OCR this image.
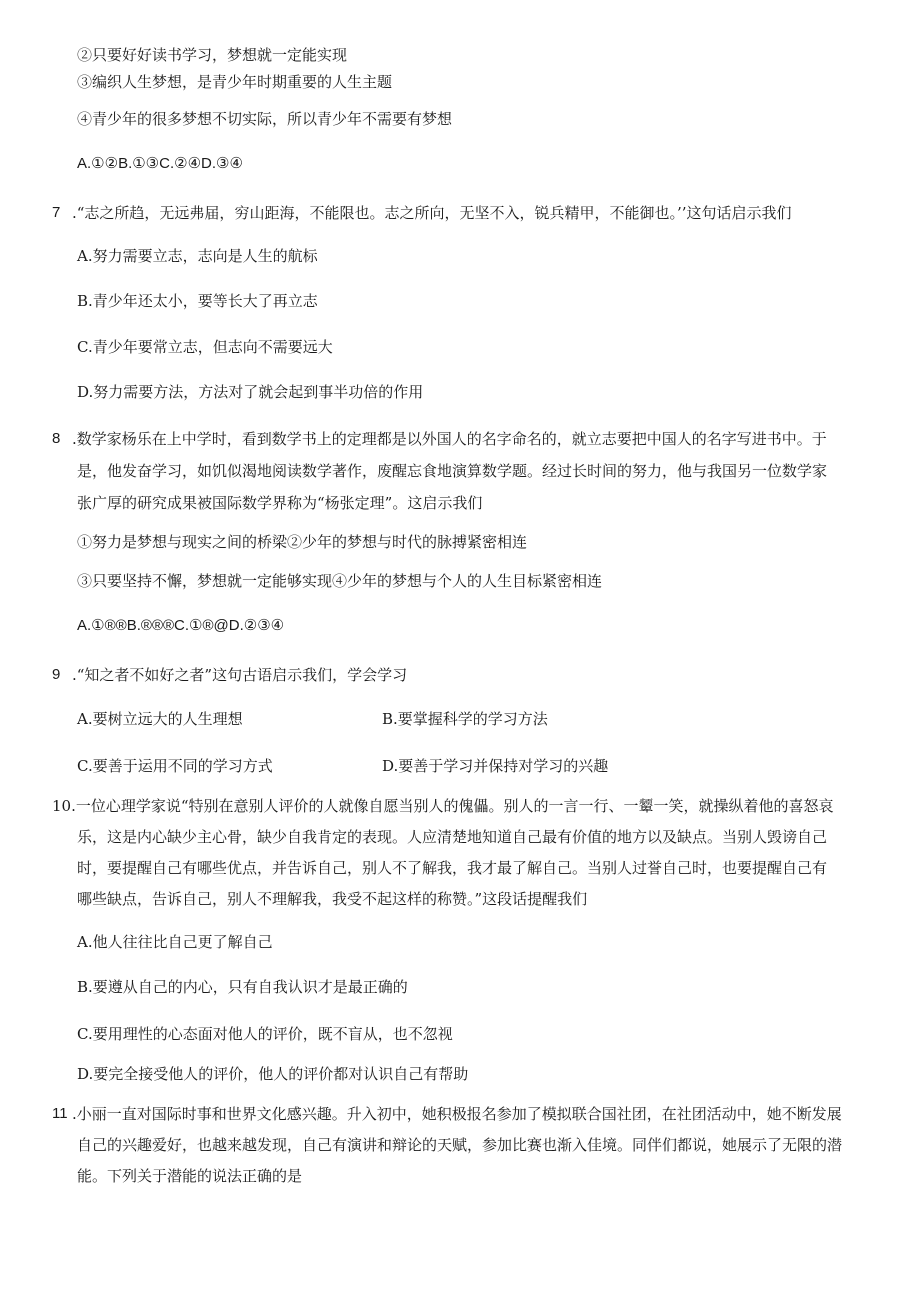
②只要好好读书学习，梦想就一定能实现
③编织人生梦想，是青少年时期重要的人生主题
④青少年的很多梦想不切实际，所以青少年不需要有梦想
A.①②B.①③C.②④D.③④
7 .“志之所趋，无远弗届，穷山距海，不能限也。志之所向，无坚不入，锐兵精甲，不能御也。’’这句话启示我们
A.努力需要立志，志向是人生的航标
B.青少年还太小，要等长大了再立志
C.青少年要常立志，但志向不需要远大
D.努力需要方法，方法对了就会起到事半功倍的作用
8 .数学家杨乐在上中学时，看到数学书上的定理都是以外国人的名字命名的，就立志要把中国人的名字写进书中。于
是，他发奋学习，如饥似渴地阅读数学著作，废醒忘食地演算数学题。经过长时间的努力，他与我国另一位数学家
张广厚的研究成果被国际数学界称为“杨张定理”。这启示我们
①努力是梦想与现实之间的桥梁②少年的梦想与时代的脉搏紧密相连
③只要坚持不懈，梦想就一定能够实现④少年的梦想与个人的人生目标紧密相连
A.①®®B.®®®C.①®@D.②③④
9 .“知之者不如好之者”这句古语启示我们，学会学习
A.要树立远大的人生理想	B.要掌握科学的学习方法
C.要善于运用不同的学习方式	D.要善于学习并保持对学习的兴趣
10.一位心理学家说“特别在意别人评价的人就像自愿当别人的傀儡。别人的一言一行、一颦一笑，就操纵着他的喜怒哀
乐，这是内心缺少主心骨，缺少自我肯定的表现。人应清楚地知道自己最有价值的地方以及缺点。当别人毁谤自己
时，要提醒自己有哪些优点，并告诉自己，别人不了解我，我才最了解自己。当别人过誉自己时，也要提醒自己有
哪些缺点，告诉自己，别人不理解我，我受不起这样的称赞。”这段话提醒我们
A.他人往往比自己更了解自己
B.要遵从自己的内心，只有自我认识才是最正确的
C.要用理性的心态面对他人的评价，既不盲从，也不忽视
D.要完全接受他人的评价，他人的评价都对认识自己有帮助
11 .小丽一直对国际时事和世界文化感兴趣。升入初中，她积极报名参加了模拟联合国社团，在社团活动中，她不断发展
自己的兴趣爱好，也越来越发现，自己有演讲和辩论的天赋，参加比赛也渐入佳境。同伴们都说，她展示了无限的潜
能。下列关于潜能的说法正确的是
